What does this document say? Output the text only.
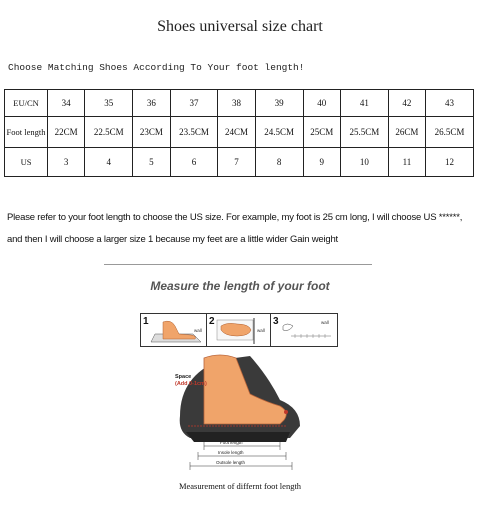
Shoes universal size chart
Choose Matching Shoes According To Your foot length!
EU/CN	34	35	36	37	38	39	40	41	42	43
Foot length	22CM	22.5CM	23CM	23.5CM	24CM	24.5CM	25CM	25.5CM	26CM	26.5CM
US	3	4	5	6	7	8	9	10	11	12
Please refer to your foot length to choose the US size. For example, my foot is 25 cm long, I will choose US ******, and then I will choose a larger size 1 because my feet are a little wider Gain weight
Measure the length of your foot
1
wall
2
wall
3	wall
Space
(Add 0-1cm)
Foot length
Insole length
Outsole length
Measurement of differnt foot length
